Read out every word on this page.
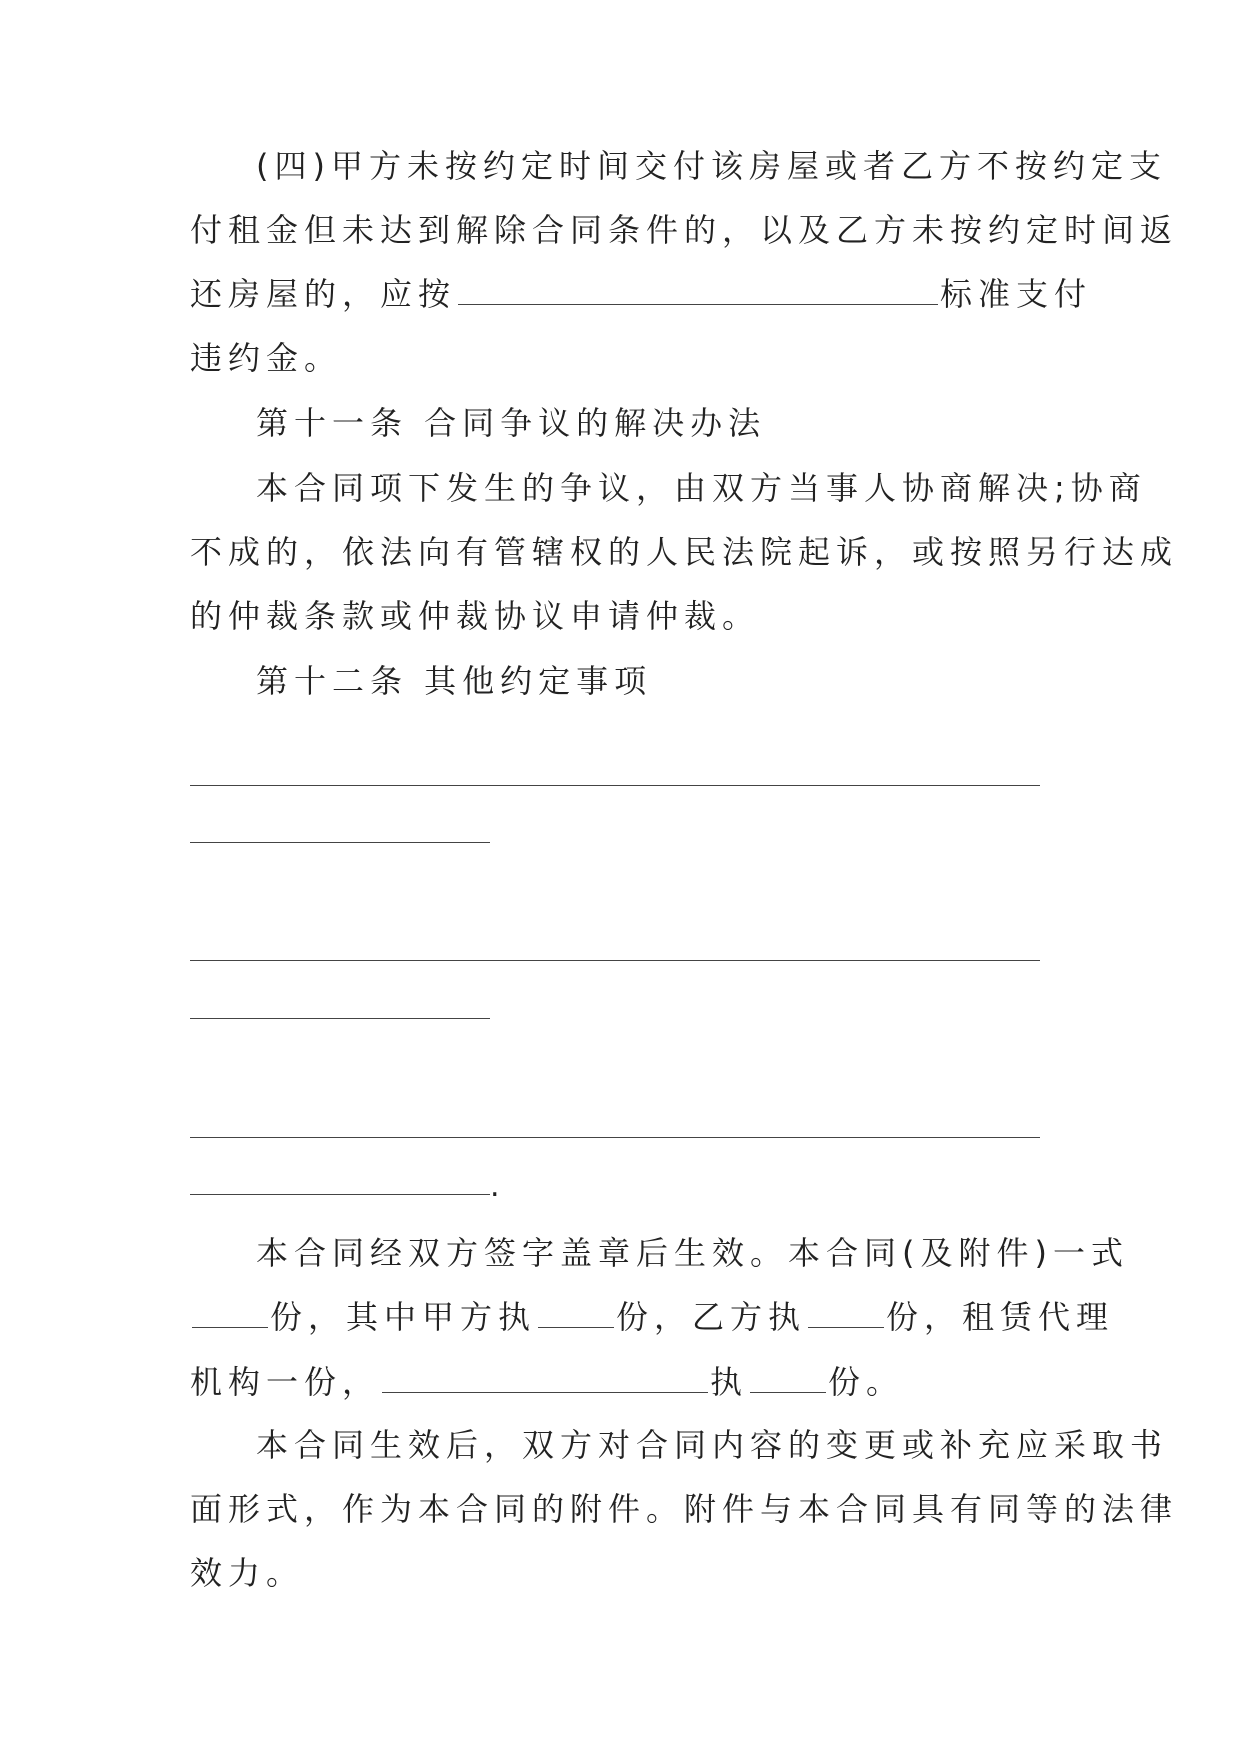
(四)甲方未按约定时间交付该房屋或者乙方不按约定支
付租金但未达到解除合同条件的，以及乙方未按约定时间返
还房屋的，应按	标准支付
违约金。
第十一条 合同争议的解决办法
本合同项下发生的争议，由双方当事人协商解决;协商
不成的，依法向有管辖权的人民法院起诉，或按照另行达成
的仲裁条款或仲裁协议申请仲裁。
第十二条 其他约定事项
.
本合同经双方签字盖章后生效。本合同(及附件)一式
份，其中甲方执	份，乙方执	份，租赁代理
机构一份，	执	份。
本合同生效后，双方对合同内容的变更或补充应采取书
面形式，作为本合同的附件。附件与本合同具有同等的法律
效力。
